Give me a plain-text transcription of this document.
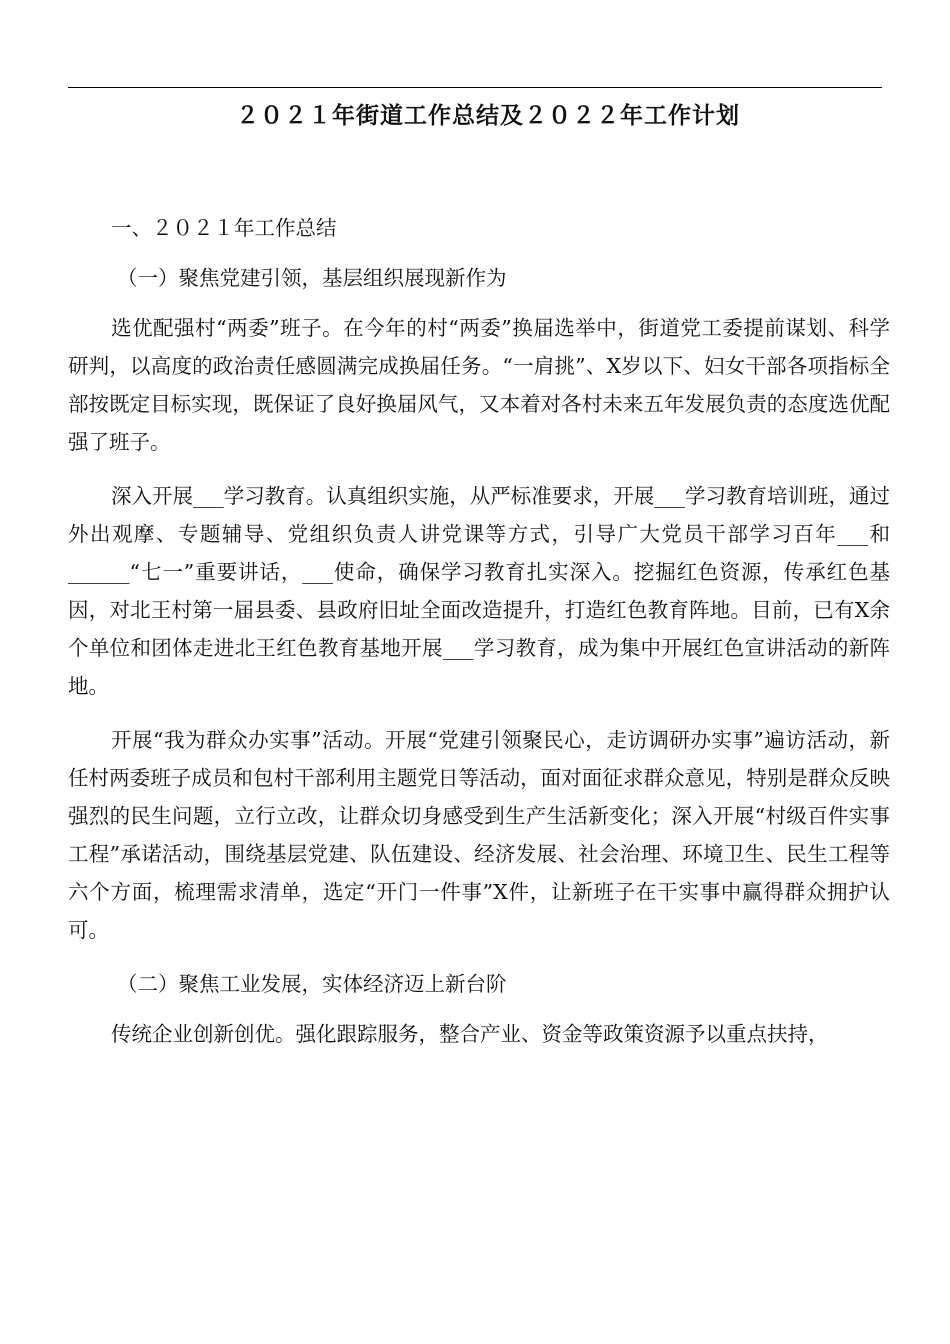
２０２１年街道工作总结及２０２２年工作计划

一、２０２１年工作总结

（一）聚焦党建引领，基层组织展现新作为

选优配强村“两委”班子。在今年的村“两委”换届选举中，街道党工委提前谋划、科学研判，以高度的政治责任感圆满完成换届任务。“一肩挑”、X岁以下、妇女干部各项指标全部按既定目标实现，既保证了良好换届风气，又本着对各村未来五年发展负责的态度选优配强了班子。

深入开展___学习教育。认真组织实施，从严标准要求，开展___学习教育培训班，通过外出观摩、专题辅导、党组织负责人讲党课等方式，引导广大党员干部学习百年___和______“七一”重要讲话，___使命，确保学习教育扎实深入。挖掘红色资源，传承红色基因，对北王村第一届县委、县政府旧址全面改造提升，打造红色教育阵地。目前，已有X余个单位和团体走进北王红色教育基地开展___学习教育，成为集中开展红色宣讲活动的新阵地。

开展“我为群众办实事”活动。开展“党建引领聚民心，走访调研办实事”遍访活动，新任村两委班子成员和包村干部利用主题党日等活动，面对面征求群众意见，特别是群众反映强烈的民生问题，立行立改，让群众切身感受到生产生活新变化；深入开展“村级百件实事工程”承诺活动，围绕基层党建、队伍建设、经济发展、社会治理、环境卫生、民生工程等六个方面，梳理需求清单，选定“开门一件事”X件，让新班子在干实事中赢得群众拥护认可。

（二）聚焦工业发展，实体经济迈上新台阶

传统企业创新创优。强化跟踪服务，整合产业、资金等政策资源予以重点扶持，
